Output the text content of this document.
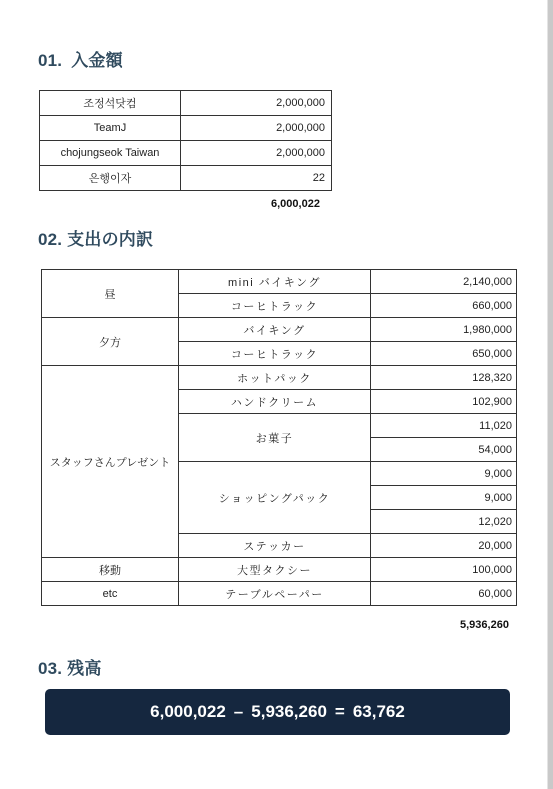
01. 入金額
조정석닷컴	2,000,000
TeamJ	2,000,000
chojungseok Taiwan	2,000,000
은행이자	22
6,000,022
02. 支出の内訳
昼	mini バイキング	2,140,000
	コーヒトラック	660,000
夕方	バイキング	1,980,000
	コーヒトラック	650,000
スタッフさんプレゼント	ホットパック	128,320
	ハンドクリーム	102,900
	お菓子	11,020
		54,000
	ショッピングパック	9,000
		9,000
		12,020
	ステッカー	20,000
移動	大型タクシー	100,000
etc	テーブルペーパー	60,000
5,936,260
03. 残高
6,000,022 – 5,936,260 = 63,762
